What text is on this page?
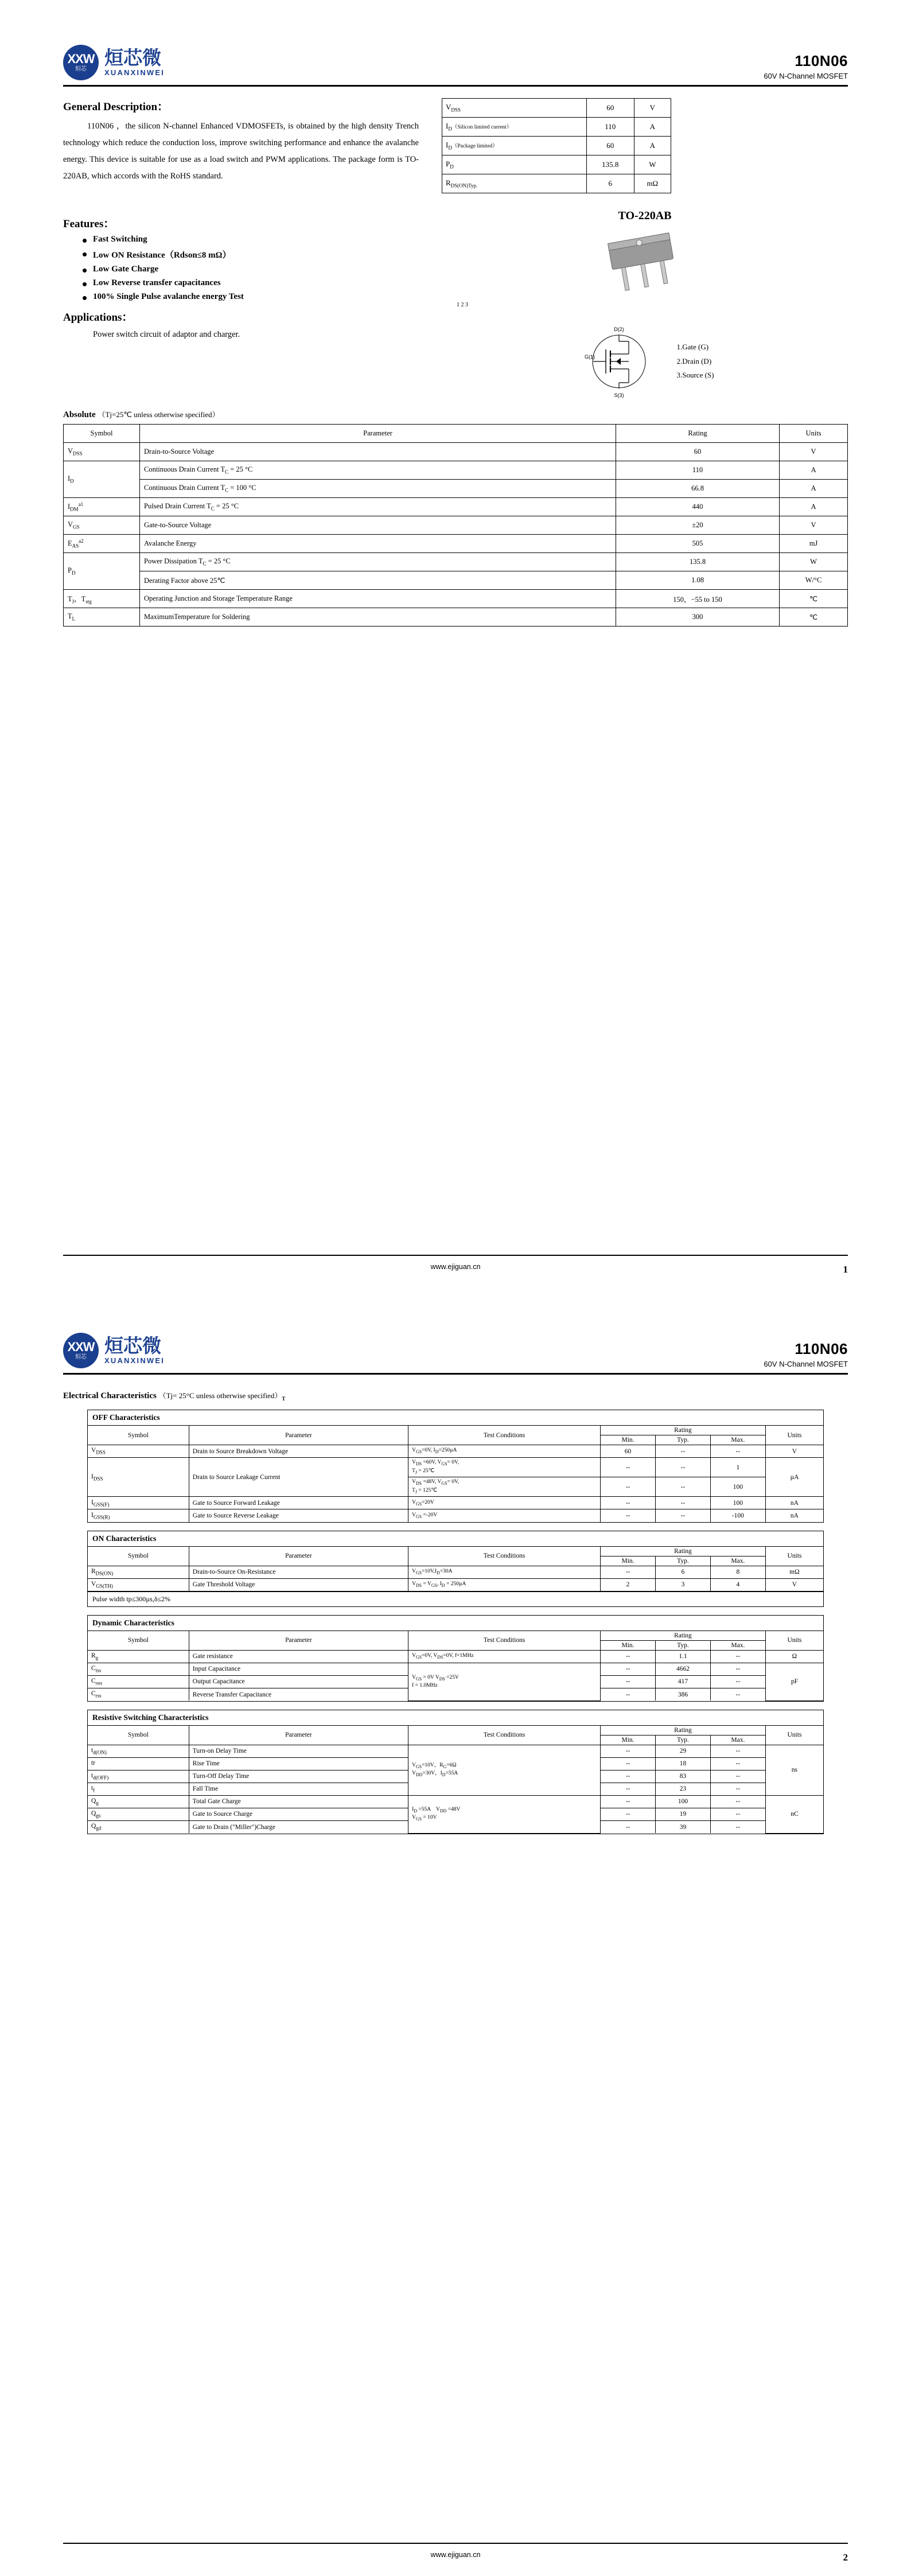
XXW
烜芯
烜芯微
XUANXINWEI
110N06
60V N-Channel MOSFET
General Description：
110N06 ，the silicon N-channel Enhanced VDMOSFETs, is obtained by the high density Trench technology which reduce the conduction loss, improve switching performance and enhance the avalanche energy. This device is suitable for use as a load switch and PWM applications. The package form is TO-220AB, which accords with the RoHS standard.
$V_{DSS}$	60	V
$I_D(Silicon$ limited current）	110	A
$I_D(Package$ limited）	60	A
$P_D$	135.8	W
$R_{DS(ON)Typ.}$	6	mΩ
TO-220AB
1 2 3
D(2)
G(1)
S(3)
1.Gate (G)
2.Drain (D)
3.Source (S)
Features：
Fast Switching
Low ON Resistance（Rdson≤8 mΩ）
Low Gate Charge
Low Reverse transfer capacitances
100% Single Pulse avalanche energy Test
Applications：
Power switch circuit of adaptor and charger.
Absolute （Tj=25℃ unless otherwise specified）
Symbol	Parameter	Rating	Units
$V_{DSS}$	Drain-to-Source Voltage	60	V
$I_D$	Continuous Drain Current $T_C = 25$ °C	110	A
	Continuous Drain Current $T_C = 100$ °C	66.8	A
$I_{DM}^{a1}$	Pulsed Drain Current $T_C = 25$ °C	440	A
$V_{GS}$	Gate-to-Source Voltage	±20	V
$E_{AS}^{a2}$	Avalanche Energy	505	mJ
$P_D$	Power Dissipation $T_C = 25$ °C	135.8	W
	Derating Factor above 25℃	1.08	W/°C
$T_J$，$T_{stg}$	Operating Junction and Storage Temperature Range	150，−55 to 150	℃
$T_L$	MaximumTemperature for Soldering	300	℃
www.ejiguan.cn	1
XXW
烜芯
烜芯微
XUANXINWEI
110N06
60V N-Channel MOSFET
Electrical Characteristics （Tj= 25°C unless otherwise $specified)_T$
OFF Characteristics
Symbol	Parameter	Test Conditions	Rating			Units
			Min.	Typ.	Max.	
$V_{DSS}$	Drain to Source Breakdown Voltage	$V_{GS}=0V$, $I_D=250\mu A$	60	--	--	V
$I_{DSS}$	Drain to Source Leakage Current	$V_{DS} =60V$, $V_{GS}= 0V$,
$T_J$ = 25℃	--	--	1	µA
		$V_{DS} =48V$, $V_{GS}= 0V$,
$T_J$ = 125℃	--	--	100	
$I_{GSS(F)}$	Gate to Source Forward Leakage	$V_{GS}=20V$	--	--	100	nA
$I_{GSS(R)}$	Gate to Source Reverse Leakage	$V_{GS} =-20V$	--	--	-100	nA
ON Characteristics
Symbol	Parameter	Test Conditions	Rating			Units
			Min.	Typ.	Max.	
$R_{DS(ON)}$	Drain-to-Source On-Resistance	$V_{GS}=10V,I_D=30A$	--	6	8	mΩ
$V_{GS(TH)}$	Gate Threshold Voltage	$V_{DS} = V_{GS}$, $I_D = 250\mu A$	2	3	4	V
Pulse width tp≤300µs,δ≤2%
Dynamic Characteristics
Symbol	Parameter	Test Conditions	Rating			Units
			Min.	Typ.	Max.	
$R_g$	Gate resistance	$V_{GS}=0V$, $V_{DS}=0V$, f=1MHz	--	1.1	--	Ω
$C_{iss}$	Input Capacitance	$V_{GS} = 0V$ $V_{DS} =25V$
f = 1.0MHz	--	4662	--	pF
$C_{oss}$	Output Capacitance		--	417	--	
$C_{rss}$	Reverse Transfer Capacitance		--	386	--	
Resistive Switching Characteristics
Symbol	Parameter	Test Conditions	Rating			Units
			Min.	Typ.	Max.	
$t_{d(ON)}$	Turn-on Delay Time	$V_{GS}=10V$，$R_G=6\Omega$
$V_{DD}=30V$，$I_D=55A$	--	29	--	ns
tr	Rise Time		--	18	--	
$t_{d(OFF)}$	Turn-Off Delay Time		--	83	--	
$t_f$	Fall Time		--	23	--	
$Q_g$	Total Gate Charge	$I_D =55A$　$V_{DD} =48V$
$V_{GS} = 10V$	--	100	--	nC
$Q_{gs}$	Gate to Source Charge		--	19	--	
$Q_{gd}$	Gate to Drain ("Miller")Charge		--	39	--	
www.ejiguan.cn	2
